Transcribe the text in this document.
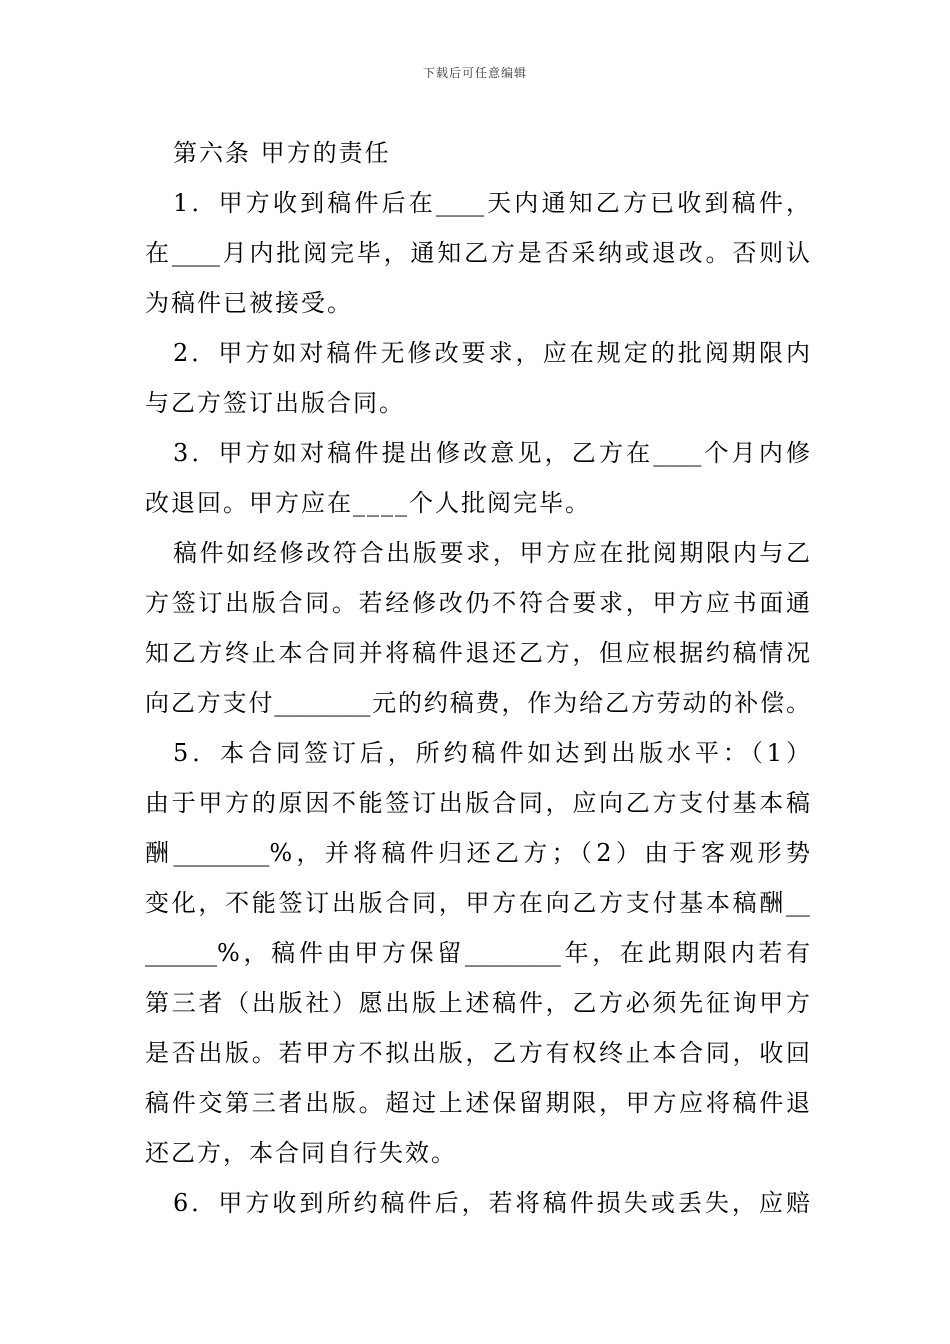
下载后可任意编辑
第六条 甲方的责任
1．甲方收到稿件后在____天内通知乙方已收到稿件，
在____月内批阅完毕，通知乙方是否采纳或退改。否则认
为稿件已被接受。
2．甲方如对稿件无修改要求，应在规定的批阅期限内
与乙方签订出版合同。
3．甲方如对稿件提出修改意见，乙方在____个月内修
改退回。甲方应在____个人批阅完毕。
稿件如经修改符合出版要求，甲方应在批阅期限内与乙
方签订出版合同。若经修改仍不符合要求，甲方应书面通
知乙方终止本合同并将稿件退还乙方，但应根据约稿情况
向乙方支付________元的约稿费，作为给乙方劳动的补偿。
5．本合同签订后，所约稿件如达到出版水平：（1）
由于甲方的原因不能签订出版合同，应向乙方支付基本稿
酬________%，并将稿件归还乙方；（2）由于客观形势
变化，不能签订出版合同，甲方在向乙方支付基本稿酬__
______%，稿件由甲方保留________年，在此期限内若有
第三者（出版社）愿出版上述稿件，乙方必须先征询甲方
是否出版。若甲方不拟出版，乙方有权终止本合同，收回
稿件交第三者出版。超过上述保留期限，甲方应将稿件退
还乙方，本合同自行失效。
6．甲方收到所约稿件后，若将稿件损失或丢失，应赔
